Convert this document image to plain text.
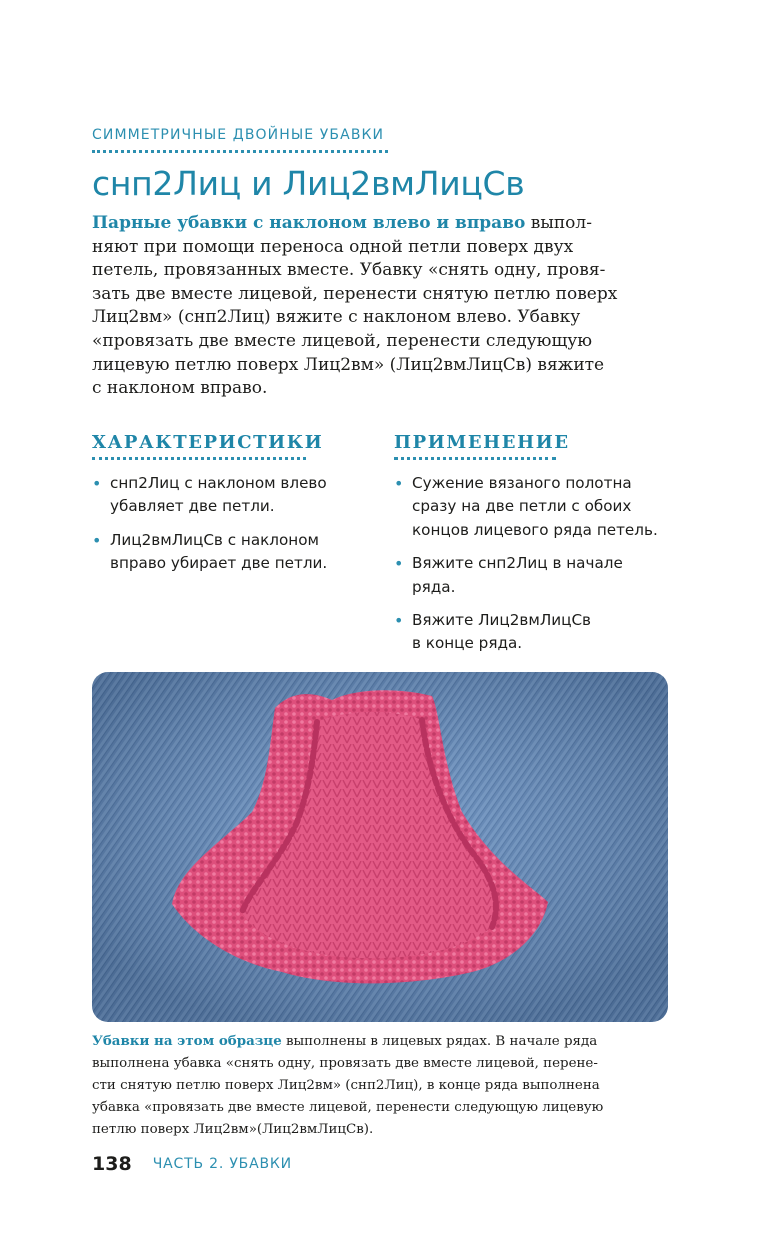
СИММЕТРИЧНЫЕ ДВОЙНЫЕ УБАВКИ
снп2Лиц и Лиц2вмЛицСв
Парные убавки с наклоном влево и вправо выпол-
няют при помощи переноса одной петли поверх двух
петель, провязанных вместе. Убавку «снять одну, провя-
зать две вместе лицевой, перенести снятую петлю поверх
Лиц2вм» (снп2Лиц) вяжите с наклоном влево. Убавку
«провязать две вместе лицевой, перенести следующую
лицевую петлю поверх Лиц2вм» (Лиц2вмЛицСв) вяжите
с наклоном вправо.
ХАРАКТЕРИСТИКИ
• снп2Лиц с наклоном влево
убавляет две петли.
• Лиц2вмЛицСв с наклоном
вправо убирает две петли.
ПРИМЕНЕНИЕ
• Сужение вязаного полотна
сразу на две петли с обоих
концов лицевого ряда петель.
• Вяжите снп2Лиц в начале
ряда.
• Вяжите Лиц2вмЛицСв
в конце ряда.
Убавки на этом образце выполнены в лицевых рядах. В начале ряда
выполнена убавка «снять одну, провязать две вместе лицевой, перене-
сти снятую петлю поверх Лиц2вм» (снп2Лиц), в конце ряда выполнена
убавка «провязать две вместе лицевой, перенести следующую лицевую
петлю поверх Лиц2вм»(Лиц2вмЛицСв).
138 ЧАСТЬ 2. УБАВКИ
